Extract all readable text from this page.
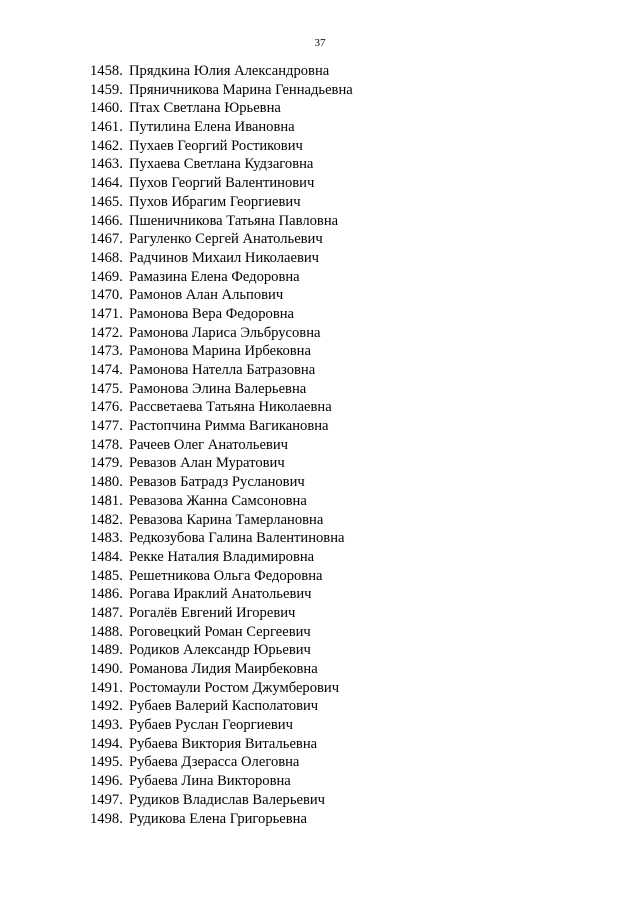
37
1458. Прядкина Юлия Александровна
1459. Пряничникова Марина Геннадьевна
1460. Птах Светлана Юрьевна
1461. Путилина Елена Ивановна
1462. Пухаев Георгий Ростикович
1463. Пухаева Светлана Кудзаговна
1464. Пухов Георгий Валентинович
1465. Пухов Ибрагим Георгиевич
1466. Пшеничникова Татьяна Павловна
1467. Рагуленко Сергей Анатольевич
1468. Радчинов Михаил Николаевич
1469. Рамазина Елена Федоровна
1470. Рамонов Алан Альпович
1471. Рамонова Вера Федоровна
1472. Рамонова Лариса Эльбрусовна
1473. Рамонова Марина Ирбековна
1474. Рамонова Нателла Батразовна
1475. Рамонова Элина Валерьевна
1476. Рассветаева Татьяна Николаевна
1477. Растопчина Римма Вагикановна
1478. Рачеев Олег Анатольевич
1479. Ревазов Алан Муратович
1480. Ревазов Батрадз Русланович
1481. Ревазова Жанна Самсоновна
1482. Ревазова Карина Тамерлановна
1483. Редкозубова Галина Валентиновна
1484. Рекке Наталия Владимировна
1485. Решетникова Ольга Федоровна
1486. Рогава Ираклий Анатольевич
1487. Рогалёв Евгений Игоревич
1488. Роговецкий Роман Сергеевич
1489. Родиков Александр Юрьевич
1490. Романова Лидия Маирбековна
1491. Ростомаули Ростом Джумберович
1492. Рубаев Валерий Касполатович
1493. Рубаев Руслан Георгиевич
1494. Рубаева Виктория Витальевна
1495. Рубаева Дзерасса Олеговна
1496. Рубаева Лина Викторовна
1497. Рудиков Владислав Валерьевич
1498. Рудикова Елена Григорьевна
